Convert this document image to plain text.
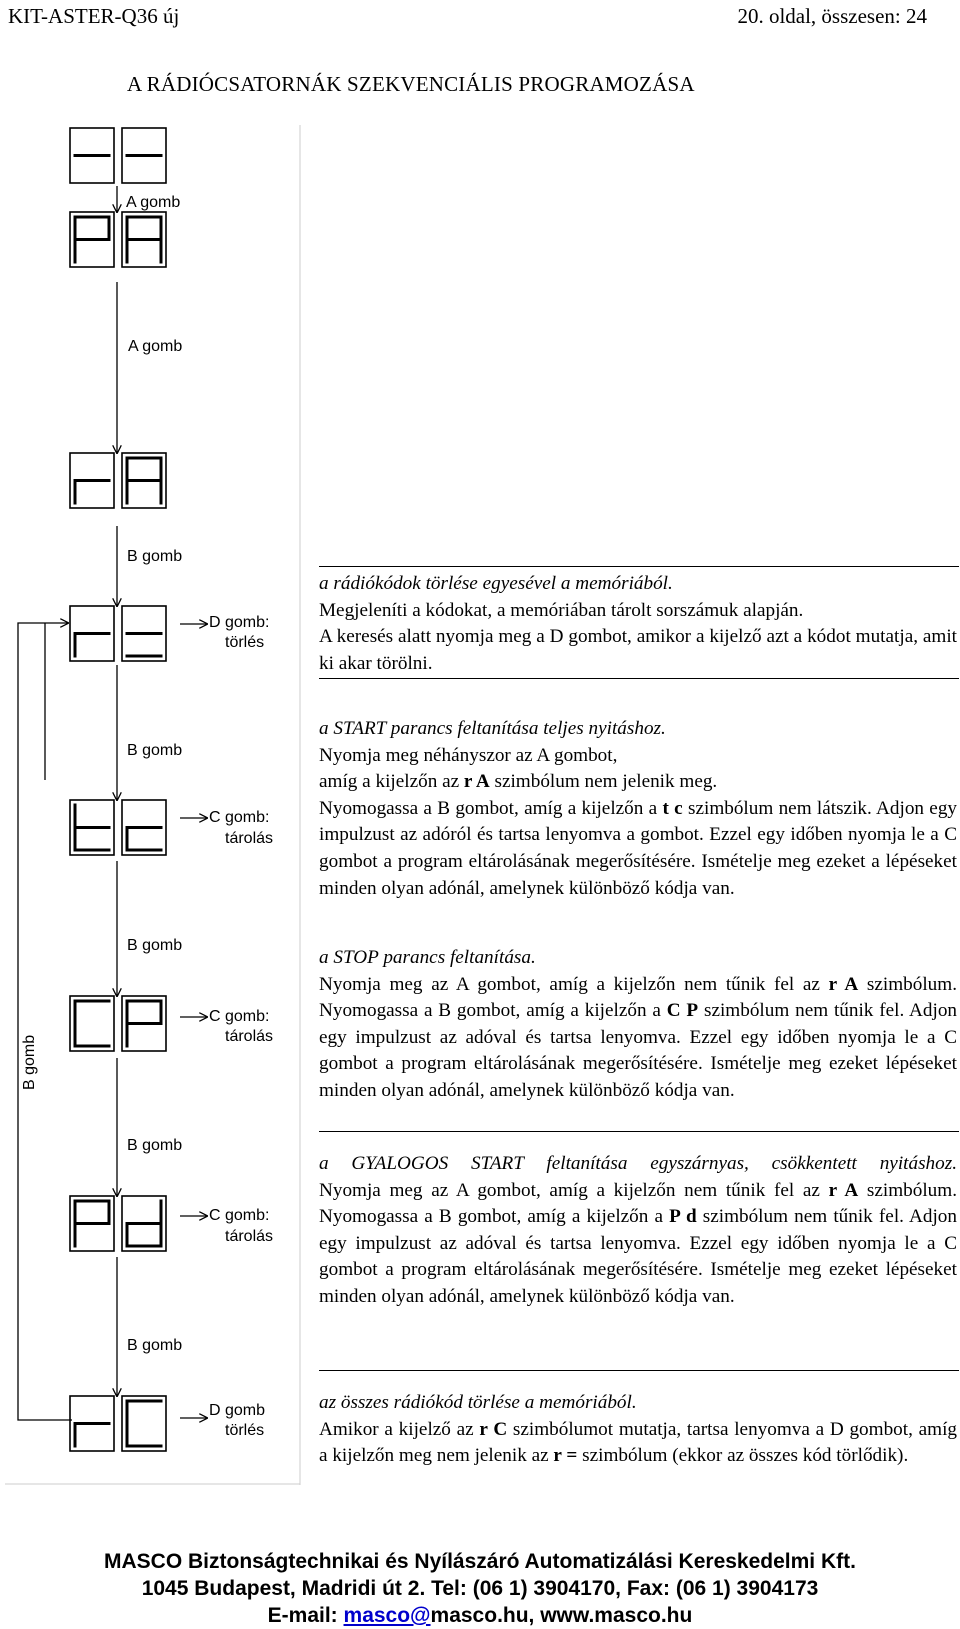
KIT-ASTER-Q36 új	20. oldal, összesen: 24
A RÁDIÓCSATORNÁK SZEKVENCIÁLIS PROGRAMOZÁSA
A gomb
A gomb
B gomb
D gomb:
törlés
B gomb
C gomb:
tárolás
B gomb
C gomb:
tárolás
B gomb
C gomb:
tárolás
B gomb
D gomb
törlés
B gomb
a rádiókódok törlése egyesével a memóriából.
Megjeleníti a kódokat, a memóriában tárolt sorszámuk alapján.
A keresés alatt nyomja meg a D gombot, amikor a kijelző azt a kódot mutatja, amit ki akar törölni.
a START parancs feltanítása teljes nyitáshoz.
Nyomja meg néhányszor az A gombot,
amíg a kijelzőn az r A szimbólum nem jelenik meg.
Nyomogassa a B gombot, amíg a kijelzőn a t c szimbólum nem látszik. Adjon egy impulzust az adóról és tartsa lenyomva a gombot. Ezzel egy időben nyomja le a C gombot a program eltárolásának megerősítésére. Ismételje meg ezeket a lépéseket minden olyan adónál, amelynek különböző kódja van.
a STOP parancs feltanítása.
Nyomja meg az A gombot, amíg a kijelzőn nem tűnik fel az r A szimbólum. Nyomogassa a B gombot, amíg a kijelzőn a C P szimbólum nem tűnik fel. Adjon egy impulzust az adóval és tartsa lenyomva. Ezzel egy időben nyomja le a C gombot a program eltárolásának megerősítésére. Ismételje meg ezeket lépéseket minden olyan adónál, amelynek különböző kódja van.
a GYALOGOS START feltanítása egyszárnyas, csökkentett nyitáshoz.
Nyomja meg az A gombot, amíg a kijelzőn nem tűnik fel az r A szimbólum. Nyomogassa a B gombot, amíg a kijelzőn a P d szimbólum nem tűnik fel. Adjon egy impulzust az adóval és tartsa lenyomva. Ezzel egy időben nyomja le a C gombot a program eltárolásának megerősítésére. Ismételje meg ezeket lépéseket minden olyan adónál, amelynek különböző kódja van.
az összes rádiókód törlése a memóriából.
Amikor a kijelző az r C szimbólumot mutatja, tartsa lenyomva a D gombot, amíg a kijelzőn meg nem jelenik az r = szimbólum (ekkor az összes kód törlődik).
MASCO Biztonságtechnikai és Nyílászáró Automatizálási Kereskedelmi Kft.
1045 Budapest, Madridi út 2. Tel: (06 1) 3904170, Fax: (06 1) 3904173
E-mail: masco@masco.hu, www.masco.hu
